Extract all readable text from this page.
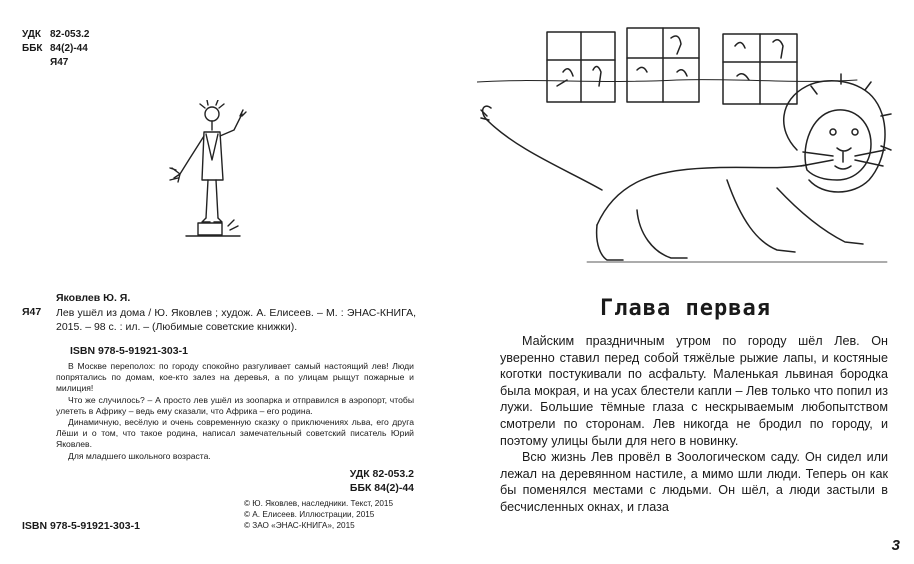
УДК 82-053.2
ББК 84(2)-44
Я47
Яковлев Ю. Я.
Я47 Лев ушёл из дома / Ю. Яковлев ; худож. А. Елисеев. – М. : ЭНАС-КНИГА, 2015. – 98 с. : ил. – (Любимые советские книжки).
ISBN 978-5-91921-303-1

В Москве переполох: по городу спокойно разгуливает самый настоящий лев! Люди попрятались по домам, кое-кто залез на деревья, а по улицам рыщут пожарные и милиция!

Что же случилось? – А просто лев ушёл из зоопарка и отправился в аэропорт, чтобы улететь в Африку – ведь ему сказали, что Африка – его родина.

Динамичную, весёлую и очень современную сказку о приключениях льва, его друга Лёши и о том, что такое родина, написал замечательный советский писатель Юрий Яковлев.

Для младшего школьного возраста.

УДК 82-053.2
ББК 84(2)-44
© Ю. Яковлев, наследники. Текст, 2015
© А. Елисеев. Иллюстрации, 2015
© ЗАО «ЭНАС-КНИГА», 2015
ISBN 978-5-91921-303-1
Глава первая

Майским праздничным утром по городу шёл Лев. Он уверенно ставил перед собой тяжёлые рыжие лапы, и костяные коготки постукивали по асфальту. Маленькая львиная бородка была мокрая, и на усах блестели капли – Лев только что попил из лужи. Большие тёмные глаза с нескрываемым любопытством смотрели по сторонам. Лев никогда не бродил по городу, и поэтому улицы были для него в новинку.

Всю жизнь Лев провёл в Зоологическом саду. Он сидел или лежал на деревянном настиле, а мимо шли люди. Теперь он как бы поменялся местами с людьми. Он шёл, а люди застыли в бесчисленных окнах, и глаза

3
